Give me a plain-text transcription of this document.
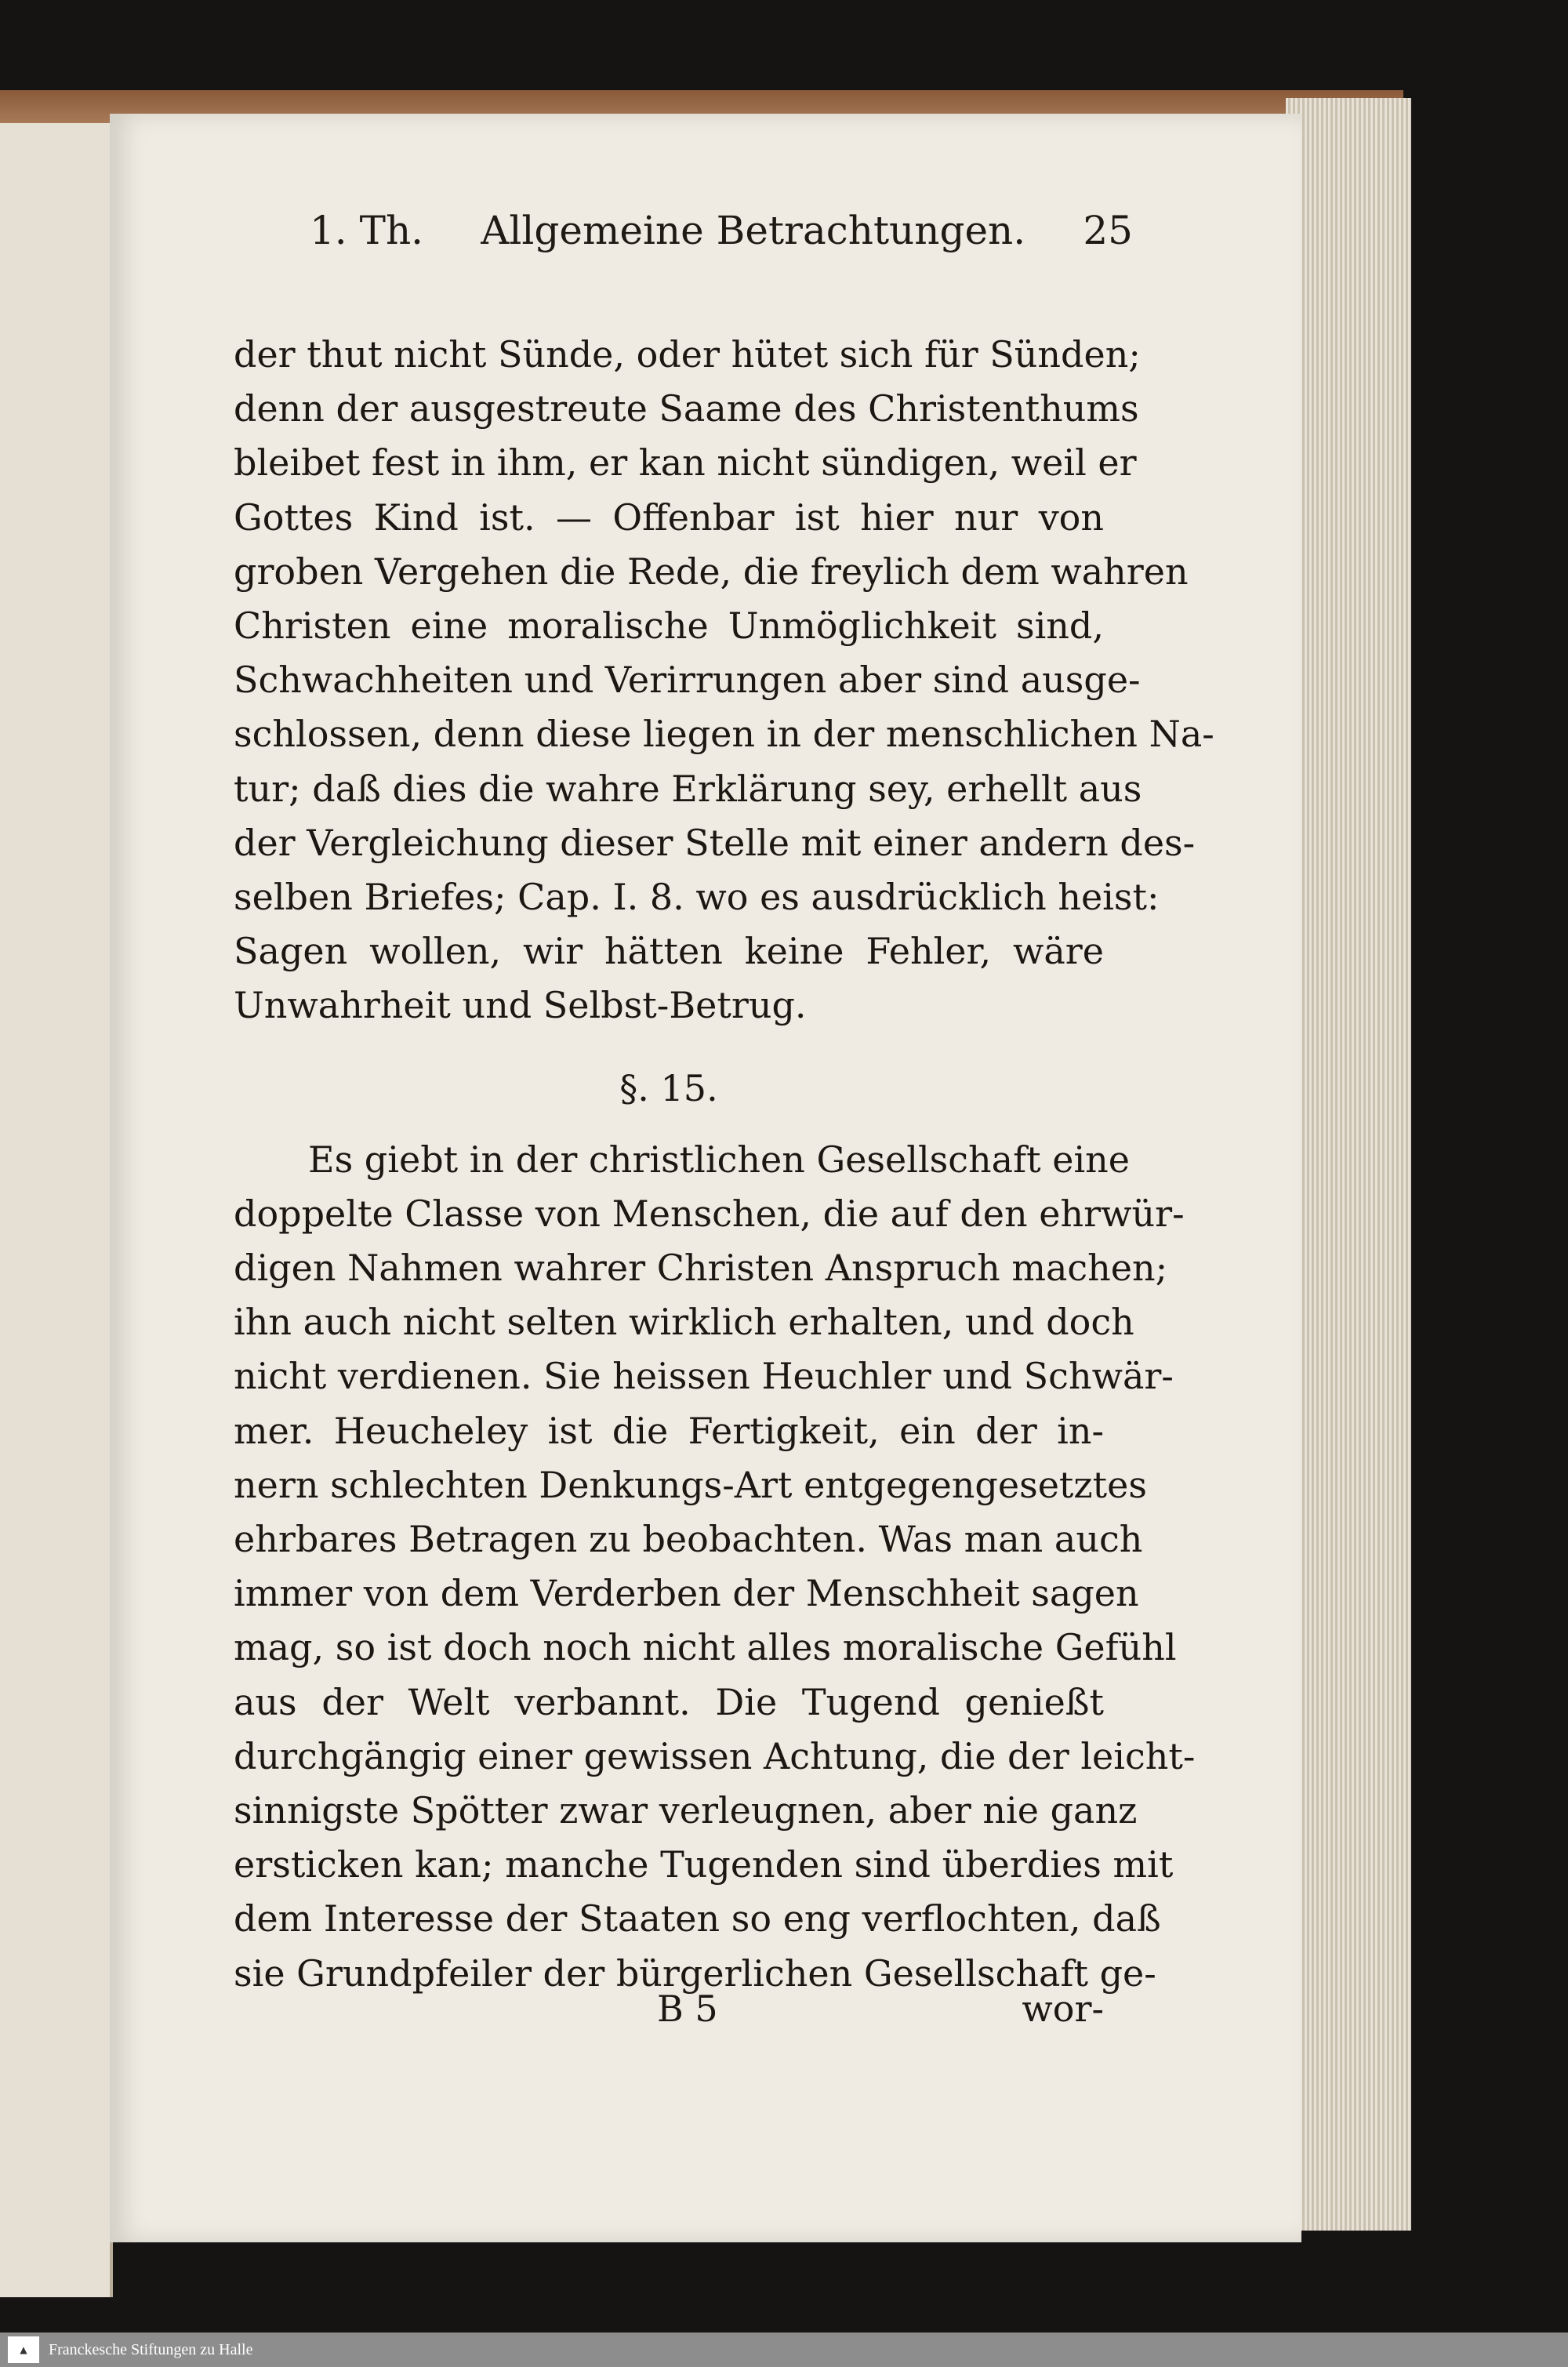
1. Th. Allgemeine Betrachtungen. 25
der thut nicht Sünde, oder hütet sich für Sünden;
denn der ausgestreute Saame des Christenthums
bleibet fest in ihm, er kan nicht sündigen, weil er
Gottes Kind ist. — Offenbar ist hier nur von
groben Vergehen die Rede, die freylich dem wahren
Christen eine moralische Unmöglichkeit sind,
Schwachheiten und Verirrungen aber sind ausge-
schlossen, denn diese liegen in der menschlichen Na-
tur; daß dies die wahre Erklärung sey, erhellt aus
der Vergleichung dieser Stelle mit einer andern des-
selben Briefes; Cap. I. 8. wo es ausdrücklich heist:
Sagen wollen, wir hätten keine Fehler, wäre
Unwahrheit und Selbst-Betrug.
§. 15.
Es giebt in der christlichen Gesellschaft eine
doppelte Classe von Menschen, die auf den ehrwür-
digen Nahmen wahrer Christen Anspruch machen;
ihn auch nicht selten wirklich erhalten, und doch
nicht verdienen. Sie heissen Heuchler und Schwär-
mer. Heucheley ist die Fertigkeit, ein der in-
nern schlechten Denkungs-Art entgegengesetztes
ehrbares Betragen zu beobachten. Was man auch
immer von dem Verderben der Menschheit sagen
mag, so ist doch noch nicht alles moralische Gefühl
aus der Welt verbannt. Die Tugend genießt
durchgängig einer gewissen Achtung, die der leicht-
sinnigste Spötter zwar verleugnen, aber nie ganz
ersticken kan; manche Tugenden sind überdies mit
dem Interesse der Staaten so eng verflochten, daß
sie Grundpfeiler der bürgerlichen Gesellschaft ge-
B 5	wor-
▲	Franckesche Stiftungen zu Halle
